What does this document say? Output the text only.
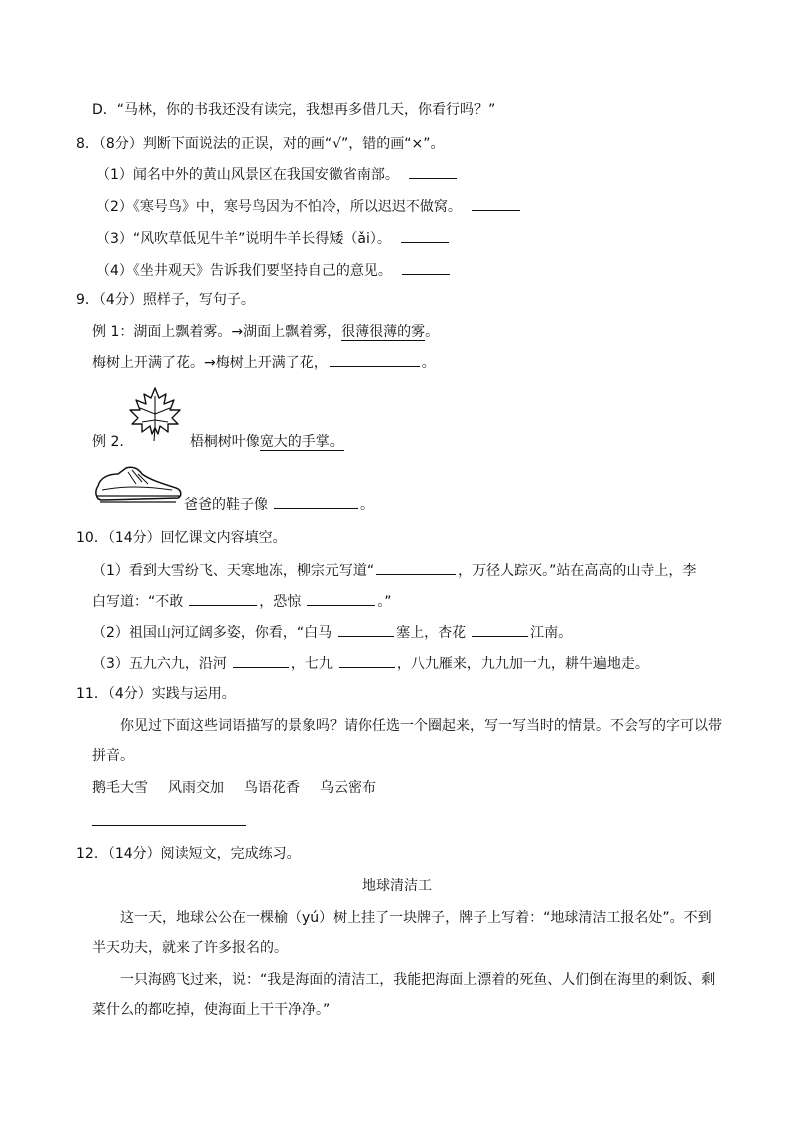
D．“马林，你的书我还没有读完，我想再多借几天，你看行吗？”
8．（8分）判断下面说法的正误，对的画“√”，错的画“×”。
（1）闻名中外的黄山风景区在我国安徽省南部。
（2）《寒号鸟》中，寒号鸟因为不怕冷，所以迟迟不做窝。
（3）“风吹草低见牛羊”说明牛羊长得矮（ǎi）。
（4）《坐井观天》告诉我们要坚持自己的意见。
9．（4分）照样子，写句子。
例 1：湖面上飘着雾。→湖面上飘着雾，很薄很薄的雾。
梅树上开满了花。→梅树上开满了花，	。
例 2.	梧桐树叶像宽大的手掌。
爸爸的鞋子像	。
10．（14分）回忆课文内容填空。
（1）看到大雪纷飞、天寒地冻，柳宗元写道“	，万径人踪灭。”站在高高的山寺上，李
白写道：“不敢	，恐惊	。”
（2）祖国山河辽阔多姿，你看，“白马	塞上，杏花	江南。
（3）五九六九，沿河	，七九	，八九雁来，九九加一九，耕牛遍地走。
11．（4分）实践与运用。
你见过下面这些词语描写的景象吗？请你任选一个圈起来，写一写当时的情景。不会写的字可以带
拼音。
鹅毛大雪 风雨交加 鸟语花香 乌云密布
12．（14分）阅读短文，完成练习。
地球清洁工
这一天，地球公公在一棵榆（yú）树上挂了一块牌子，牌子上写着：“地球清洁工报名处”。不到
半天功夫，就来了许多报名的。
一只海鸥飞过来，说：“我是海面的清洁工，我能把海面上漂着的死鱼、人们倒在海里的剩饭、剩
菜什么的都吃掉，使海面上干干净净。”
